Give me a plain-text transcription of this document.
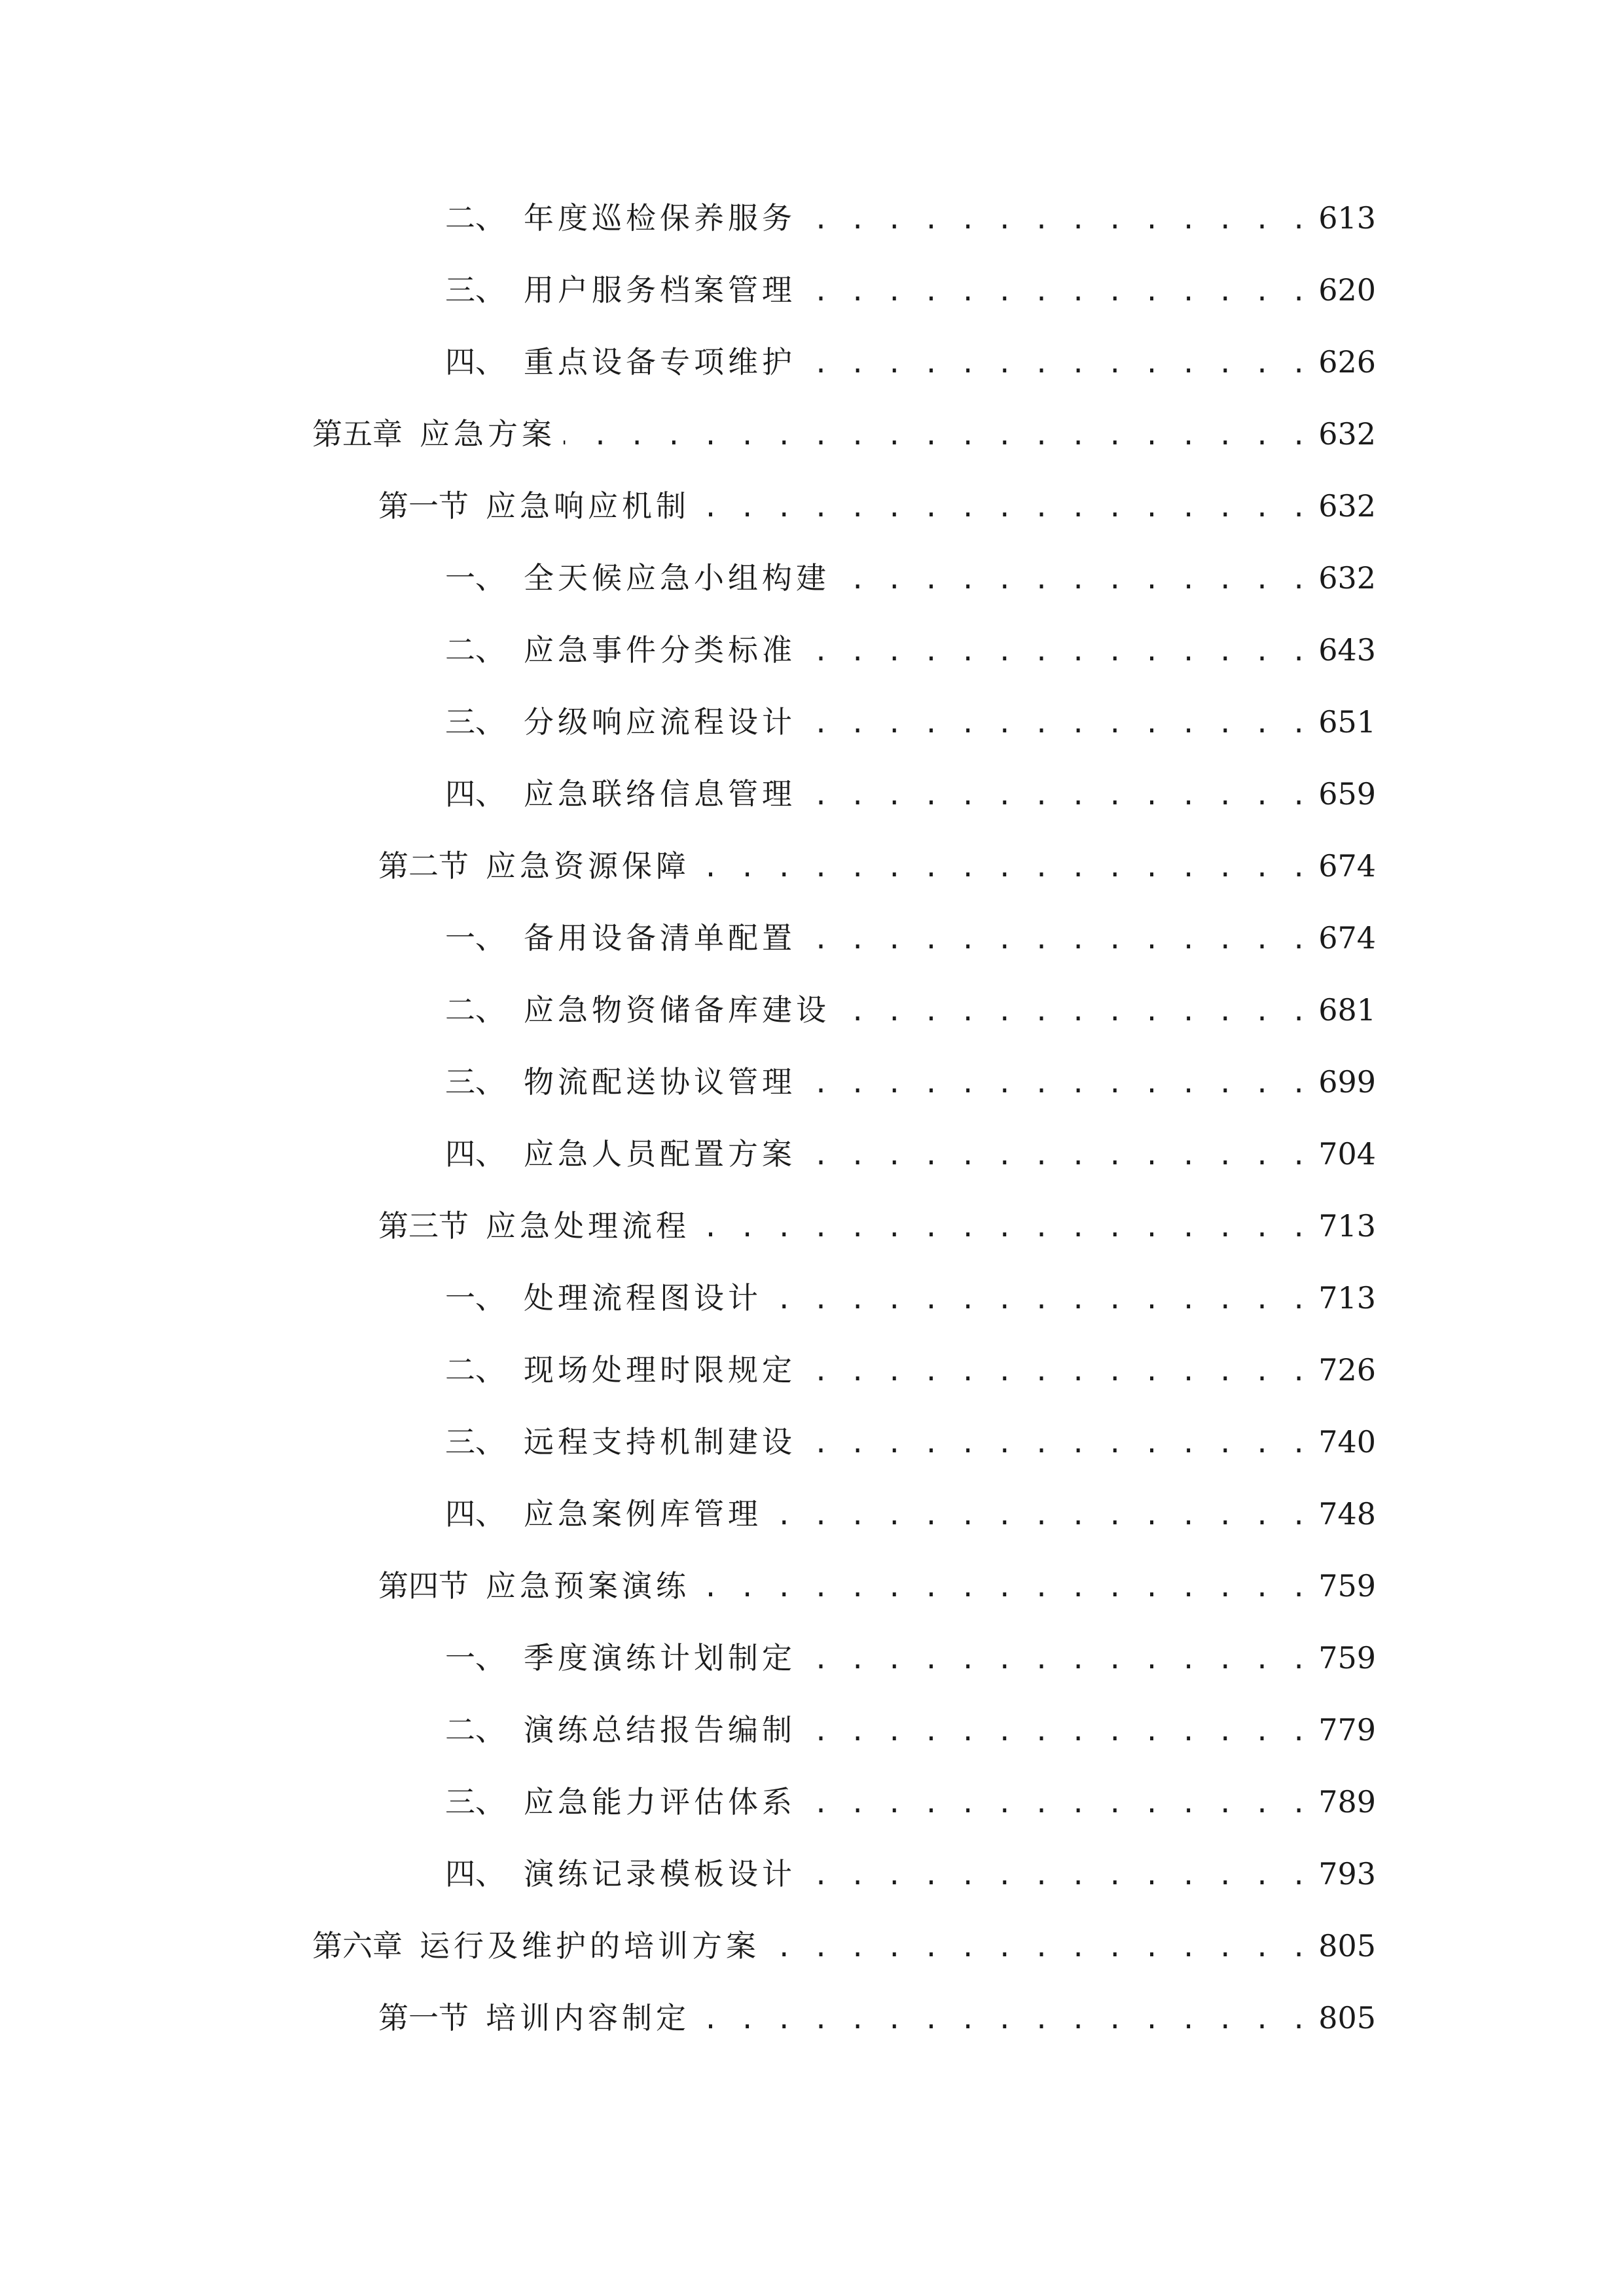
二、 年度巡检保养服务 . . .	613
三、 用户服务档案管理 . . .	620
四、 重点设备专项维护 . . .	626
第五章 应急方案 . . .	632
第一节 应急响应机制 . . .	632
一、 全天候应急小组构建 . . .	632
二、 应急事件分类标准 . . .	643
三、 分级响应流程设计 . . .	651
四、 应急联络信息管理 . . .	659
第二节 应急资源保障 . . .	674
一、 备用设备清单配置 . . .	674
二、 应急物资储备库建设 . . .	681
三、 物流配送协议管理 . . .	699
四、 应急人员配置方案 . . .	704
第三节 应急处理流程 . . .	713
一、 处理流程图设计 . . .	713
二、 现场处理时限规定 . . .	726
三、 远程支持机制建设 . . .	740
四、 应急案例库管理 . . .	748
第四节 应急预案演练 . . .	759
一、 季度演练计划制定 . . .	759
二、 演练总结报告编制 . . .	779
三、 应急能力评估体系 . . .	789
四、 演练记录模板设计 . . .	793
第六章 运行及维护的培训方案 . . .	805
第一节 培训内容制定 . . .	805
